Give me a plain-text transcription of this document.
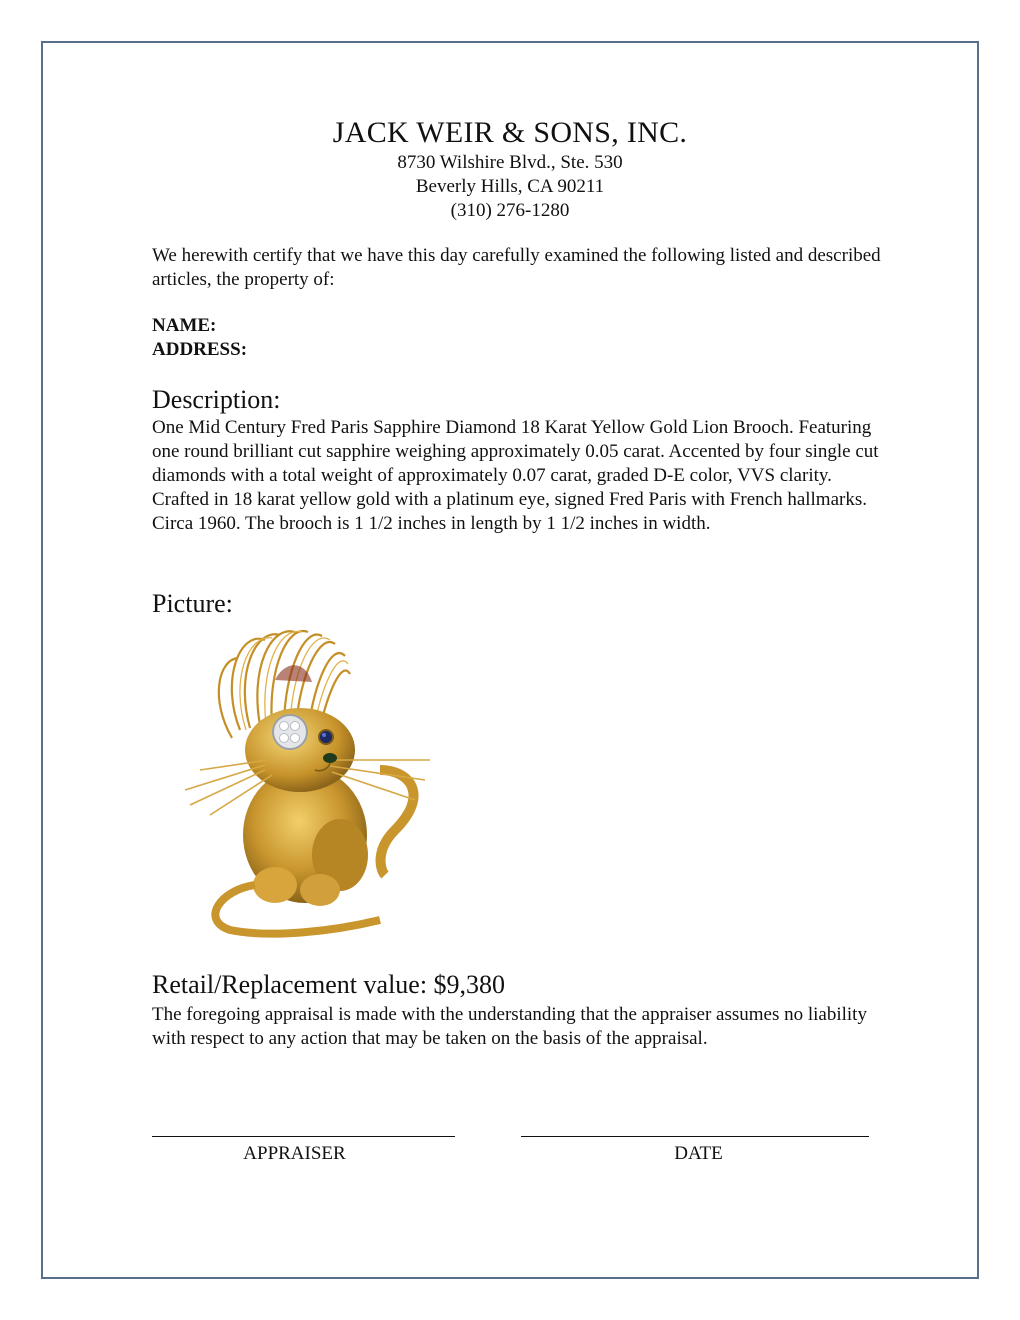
JACK WEIR & SONS, INC.
8730 Wilshire Blvd., Ste. 530
Beverly Hills, CA 90211
(310) 276-1280
We herewith certify that we have this day carefully examined the following listed and described articles, the property of:
NAME:
ADDRESS:
Description:
One Mid Century Fred Paris Sapphire Diamond 18 Karat Yellow Gold Lion Brooch. Featuring one round brilliant cut sapphire weighing approximately 0.05 carat. Accented by four single cut diamonds with a total weight of approximately 0.07 carat, graded D-E color, VVS clarity. Crafted in 18 karat yellow gold with a platinum eye, signed Fred Paris with French hallmarks. Circa 1960. The brooch is 1 1/2 inches in length by 1 1/2 inches in width.
Picture:
Retail/Replacement value: $9,380
The foregoing appraisal is made with the understanding that the appraiser assumes no liability with respect to any action that may be taken on the basis of the appraisal.
APPRAISER	DATE
